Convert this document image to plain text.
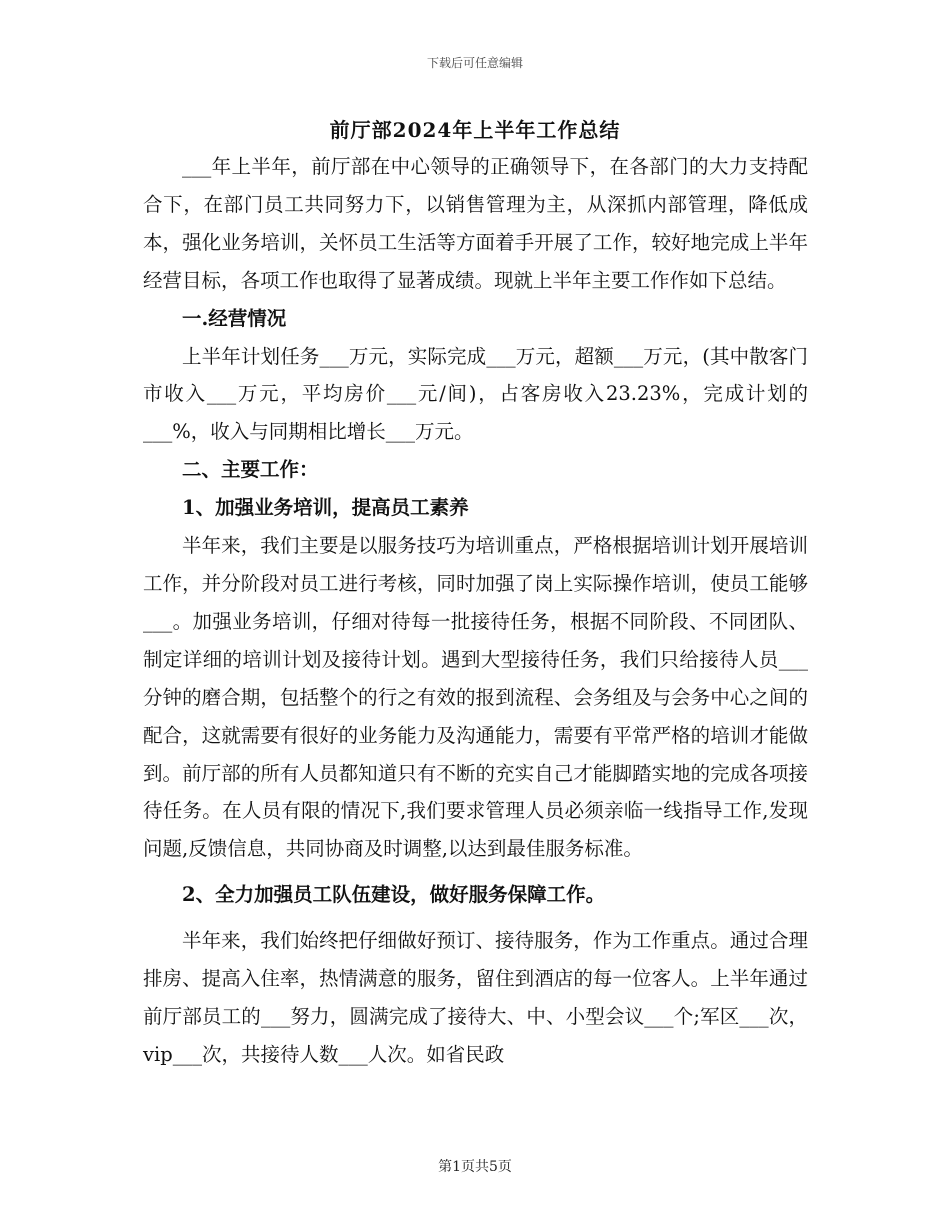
下载后可任意编辑
前厅部2024年上半年工作总结

___年上半年，前厅部在中心领导的正确领导下，在各部门的大力支持配合下，在部门员工共同努力下，以销售管理为主，从深抓内部管理，降低成本，强化业务培训，关怀员工生活等方面着手开展了工作，较好地完成上半年经营目标，各项工作也取得了显著成绩。现就上半年主要工作作如下总结。

一.经营情况

上半年计划任务___万元，实际完成___万元，超额___万元，(其中散客门市收入___万元，平均房价___元/间)，占客房收入23.23%，完成计划的___%，收入与同期相比增长___万元。

二、主要工作：

1、加强业务培训，提高员工素养

半年来，我们主要是以服务技巧为培训重点，严格根据培训计划开展培训工作，并分阶段对员工进行考核，同时加强了岗上实际操作培训，使员工能够___。加强业务培训，仔细对待每一批接待任务，根据不同阶段、不同团队、制定详细的培训计划及接待计划。遇到大型接待任务，我们只给接待人员___分钟的磨合期，包括整个的行之有效的报到流程、会务组及与会务中心之间的配合，这就需要有很好的业务能力及沟通能力，需要有平常严格的培训才能做到。前厅部的所有人员都知道只有不断的充实自己才能脚踏实地的完成各项接待任务。在人员有限的情况下,我们要求管理人员必须亲临一线指导工作,发现问题,反馈信息，共同协商及时调整,以达到最佳服务标准。

2、全力加强员工队伍建设，做好服务保障工作。

半年来，我们始终把仔细做好预订、接待服务，作为工作重点。通过合理排房、提高入住率，热情满意的服务，留住到酒店的每一位客人。上半年通过前厅部员工的___努力，圆满完成了接待大、中、小型会议___个;军区___次，vip___次，共接待人数___人次。如省民政

第1页共5页
